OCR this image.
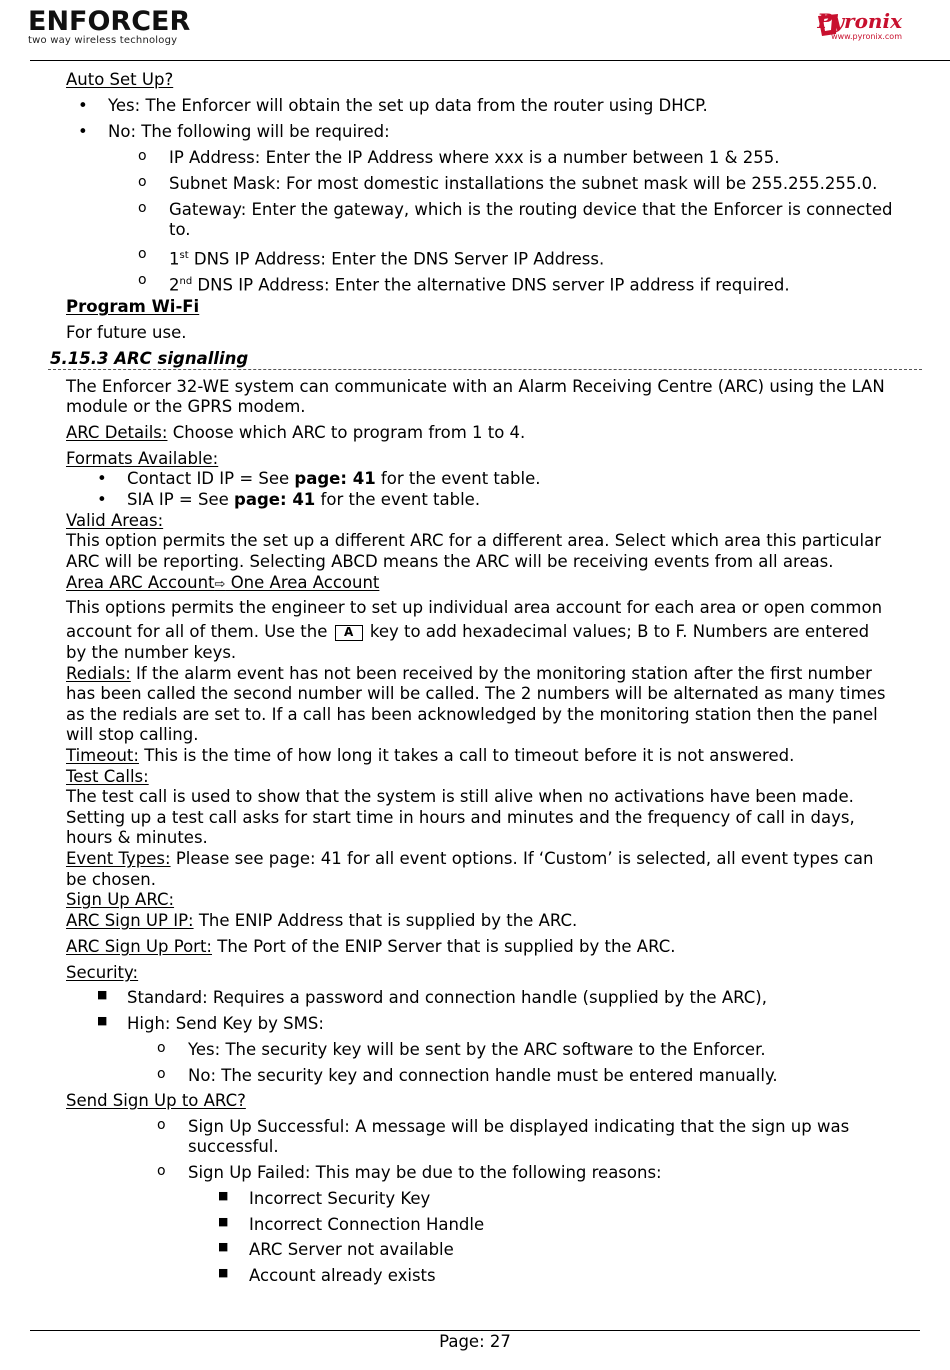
ENFORCER
two way wireless technology
Pyronix
www.pyronix.com
Auto Set Up?
• Yes: The Enforcer will obtain the set up data from the router using DHCP.
• No: The following will be required:
o IP Address: Enter the IP Address where xxx is a number between 1 & 255.
o Subnet Mask: For most domestic installations the subnet mask will be 255.255.255.0.
o Gateway: Enter the gateway, which is the routing device that the Enforcer is connected
to.
o 1st DNS IP Address: Enter the DNS Server IP Address.
o 2nd DNS IP Address: Enter the alternative DNS server IP address if required.
Program Wi-Fi
For future use.
5.15.3 ARC signalling
The Enforcer 32-WE system can communicate with an Alarm Receiving Centre (ARC) using the LAN
module or the GPRS modem.
ARC Details: Choose which ARC to program from 1 to 4.
Formats Available:
• Contact ID IP = See page: 41 for the event table.
• SIA IP = See page: 41 for the event table.
Valid Areas:
This option permits the set up a different ARC for a different area. Select which area this particular
ARC will be reporting. Selecting ABCD means the ARC will be receiving events from all areas.
Area ARC Account⇨ One Area Account
This options permits the engineer to set up individual area account for each area or open common
account for all of them. Use the A key to add hexadecimal values; B to F. Numbers are entered
by the number keys.
Redials: If the alarm event has not been received by the monitoring station after the first number
has been called the second number will be called. The 2 numbers will be alternated as many times
as the redials are set to. If a call has been acknowledged by the monitoring station then the panel
will stop calling.
Timeout: This is the time of how long it takes a call to timeout before it is not answered.
Test Calls:
The test call is used to show that the system is still alive when no activations have been made.
Setting up a test call asks for start time in hours and minutes and the frequency of call in days,
hours & minutes.
Event Types: Please see page: 41 for all event options. If ‘Custom’ is selected, all event types can
be chosen.
Sign Up ARC:
ARC Sign UP IP: The ENIP Address that is supplied by the ARC.
ARC Sign Up Port: The Port of the ENIP Server that is supplied by the ARC.
Security:
■ Standard: Requires a password and connection handle (supplied by the ARC),
■ High: Send Key by SMS:
o Yes: The security key will be sent by the ARC software to the Enforcer.
o No: The security key and connection handle must be entered manually.
Send Sign Up to ARC?
o Sign Up Successful: A message will be displayed indicating that the sign up was
successful.
o Sign Up Failed: This may be due to the following reasons:
■ Incorrect Security Key
■ Incorrect Connection Handle
■ ARC Server not available
■ Account already exists
Page: 27
